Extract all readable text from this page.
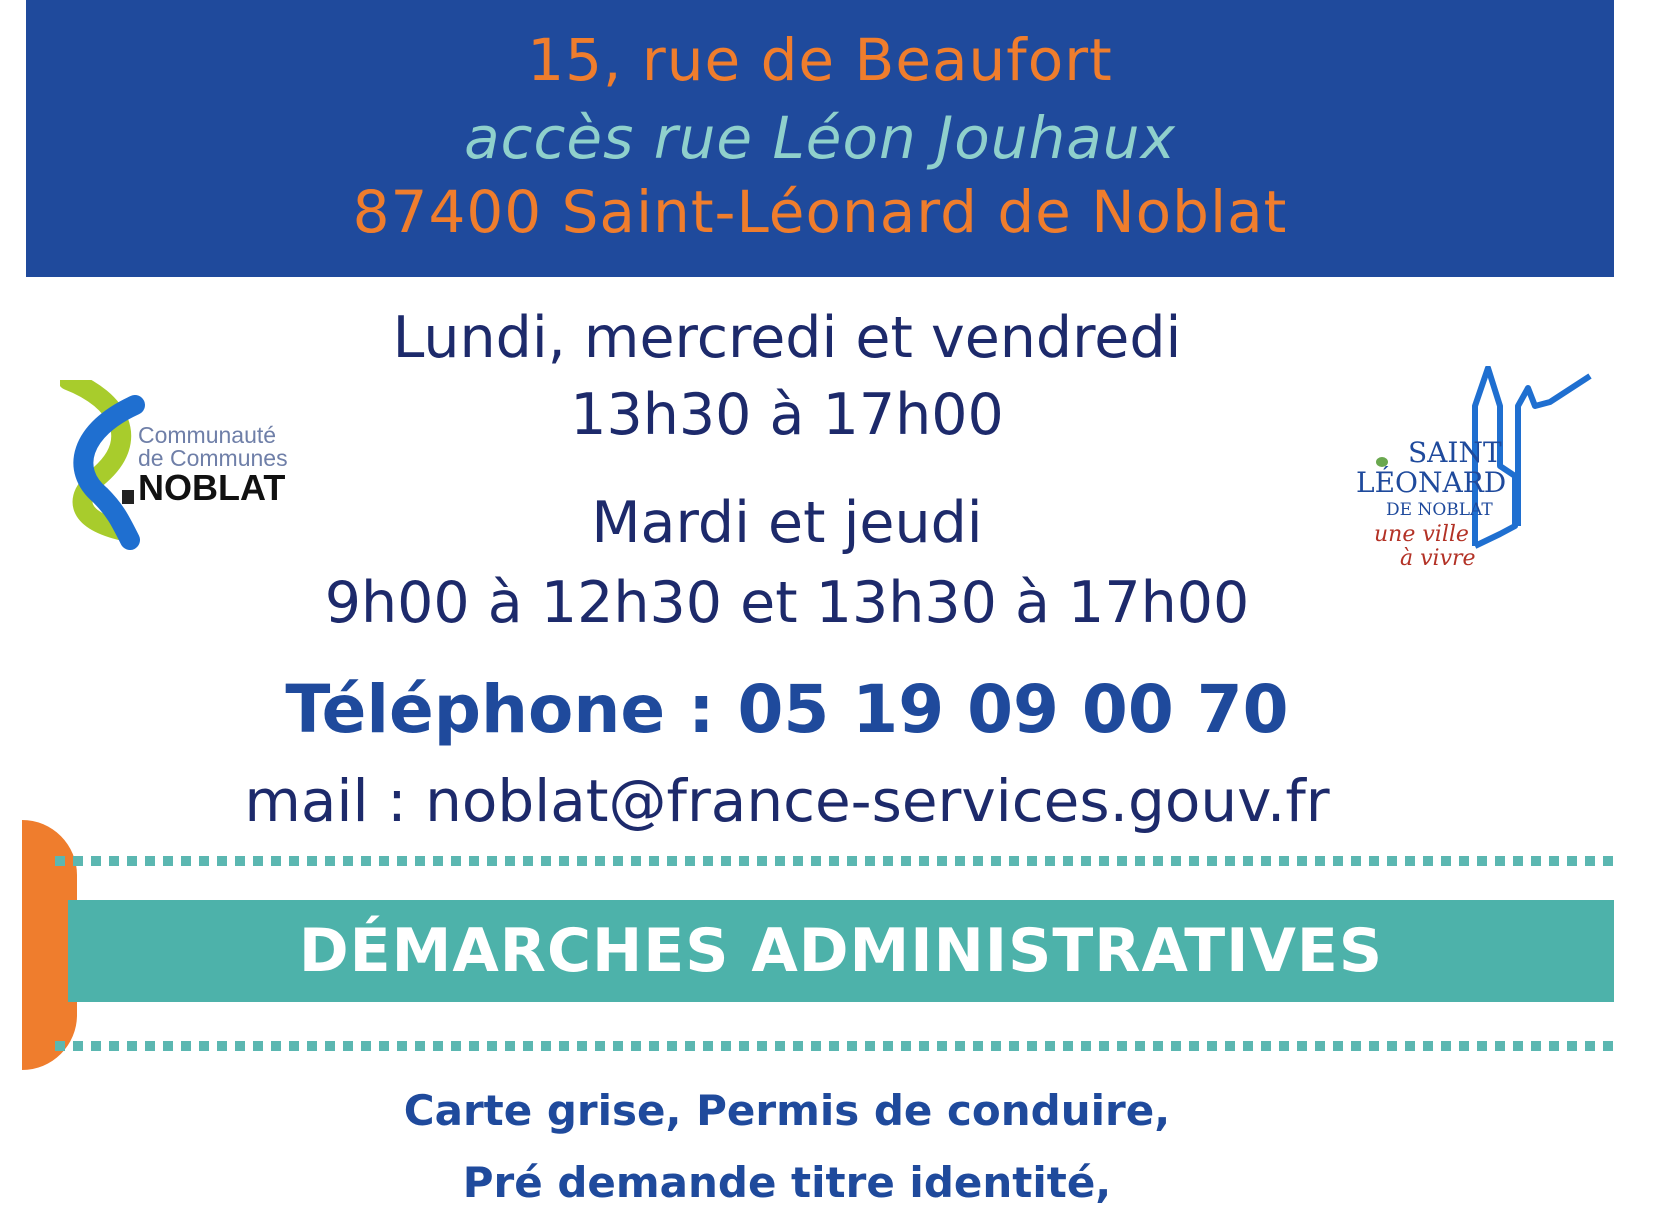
15, rue de Beaufort
accès rue Léon Jouhaux
87400 Saint-Léonard de Noblat
Communauté
de Communes
NOBLAT
SAINT
LÉONARD
DE NOBLAT
une ville
à vivre
Lundi, mercredi et vendredi
13h30 à 17h00
Mardi et jeudi
9h00 à 12h30 et 13h30 à 17h00
Téléphone : 05 19 09 00 70
mail : noblat@france-services.gouv.fr
DÉMARCHES ADMINISTRATIVES
Carte grise, Permis de conduire,
Pré demande titre identité,
